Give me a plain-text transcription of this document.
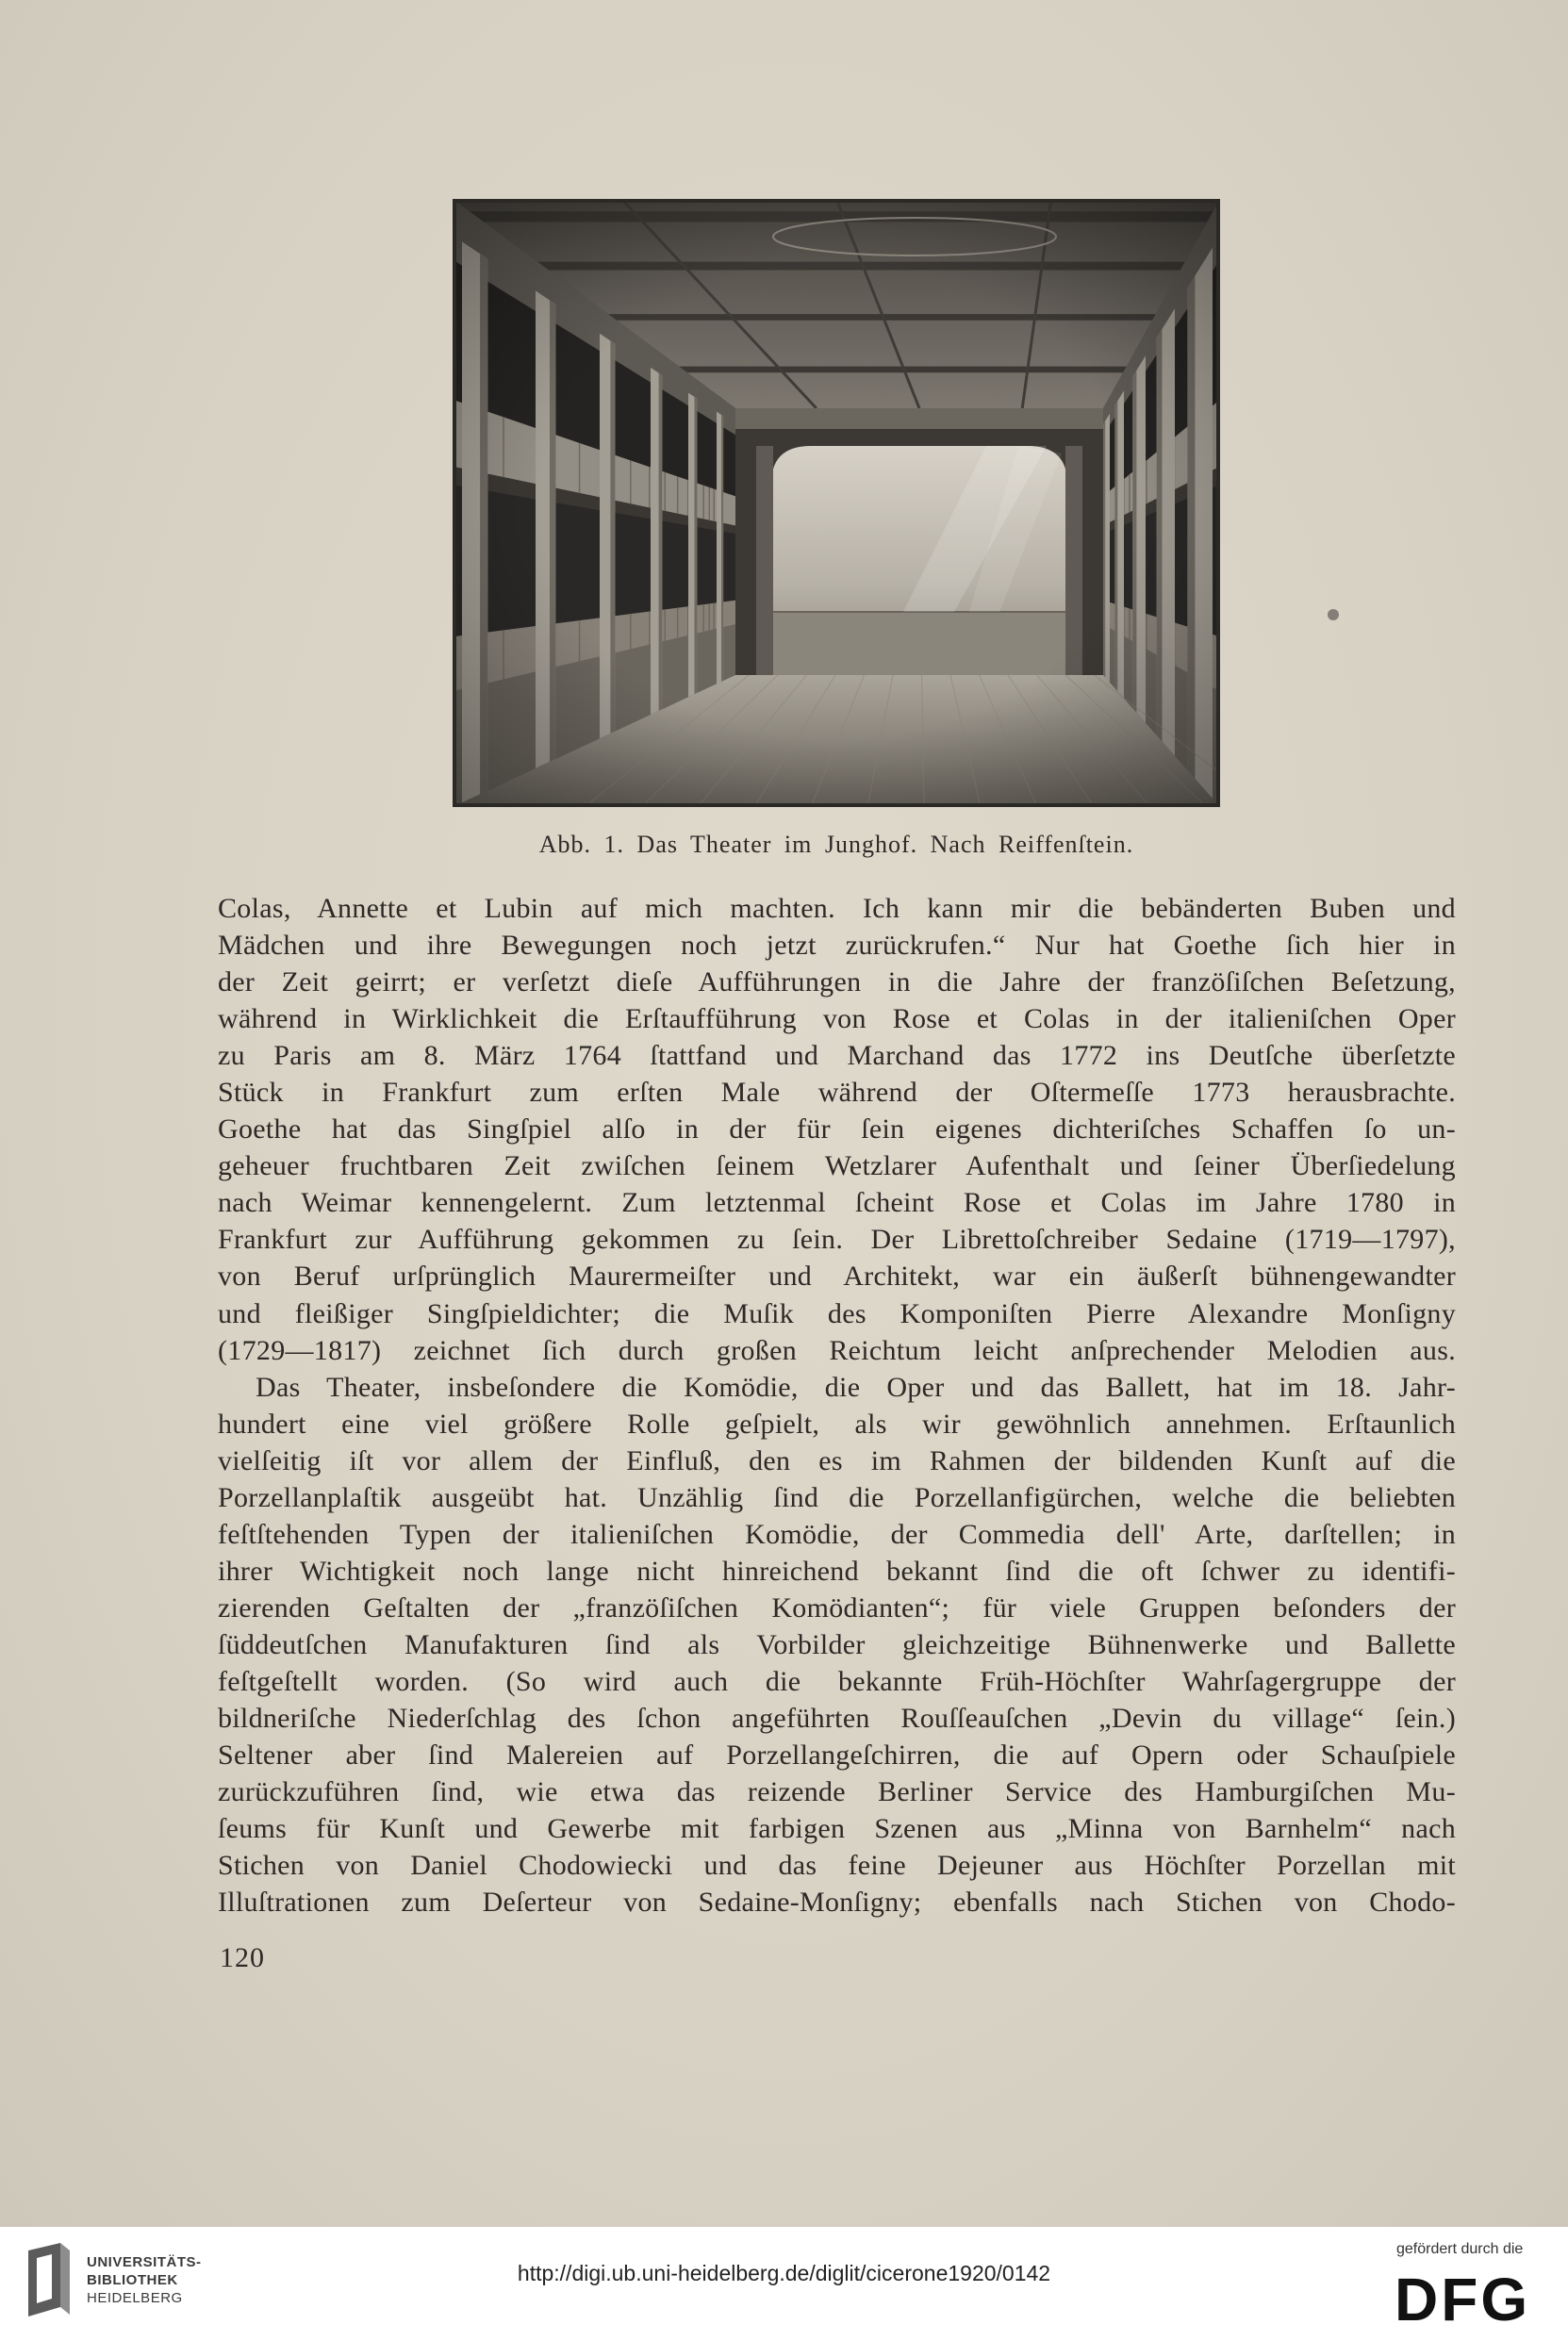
Abb. 1. Das Theater im Junghof. Nach Reiffenſtein.
Colas, Annette et Lubin auf mich machten. Ich kann mir die bebänderten Buben und
Mädchen und ihre Bewegungen noch jetzt zurückrufen.“ Nur hat Goethe ſich hier in
der Zeit geirrt; er verſetzt dieſe Aufführungen in die Jahre der franzöſiſchen Beſetzung,
während in Wirklichkeit die Erſtaufführung von Rose et Colas in der italieniſchen Oper
zu Paris am 8. März 1764 ſtattfand und Marchand das 1772 ins Deutſche überſetzte
Stück in Frankfurt zum erſten Male während der Oſtermeſſe 1773 herausbrachte.
Goethe hat das Singſpiel alſo in der für ſein eigenes dichteriſches Schaffen ſo un-
geheuer fruchtbaren Zeit zwiſchen ſeinem Wetzlarer Aufenthalt und ſeiner Überſiedelung
nach Weimar kennengelernt. Zum letztenmal ſcheint Rose et Colas im Jahre 1780 in
Frankfurt zur Aufführung gekommen zu ſein. Der Librettoſchreiber Sedaine (1719—1797),
von Beruf urſprünglich Maurermeiſter und Architekt, war ein äußerſt bühnengewandter
und fleißiger Singſpieldichter; die Muſik des Komponiſten Pierre Alexandre Monſigny
(1729—1817) zeichnet ſich durch großen Reichtum leicht anſprechender Melodien aus.
Das Theater, insbeſondere die Komödie, die Oper und das Ballett, hat im 18. Jahr-
hundert eine viel größere Rolle geſpielt, als wir gewöhnlich annehmen. Erſtaunlich
vielſeitig iſt vor allem der Einfluß, den es im Rahmen der bildenden Kunſt auf die
Porzellanplaſtik ausgeübt hat. Unzählig ſind die Porzellanfigürchen, welche die beliebten
feſtſtehenden Typen der italieniſchen Komödie, der Commedia dell' Arte, darſtellen; in
ihrer Wichtigkeit noch lange nicht hinreichend bekannt ſind die oft ſchwer zu identifi-
zierenden Geſtalten der „franzöſiſchen Komödianten“; für viele Gruppen beſonders der
ſüddeutſchen Manufakturen ſind als Vorbilder gleichzeitige Bühnenwerke und Ballette
feſtgeſtellt worden. (So wird auch die bekannte Früh-Höchſter Wahrſagergruppe der
bildneriſche Niederſchlag des ſchon angeführten Rouſſeauſchen „Devin du village“ ſein.)
Seltener aber ſind Malereien auf Porzellangeſchirren, die auf Opern oder Schauſpiele
zurückzuführen ſind, wie etwa das reizende Berliner Service des Hamburgiſchen Mu-
ſeums für Kunſt und Gewerbe mit farbigen Szenen aus „Minna von Barnhelm“ nach
Stichen von Daniel Chodowiecki und das feine Dejeuner aus Höchſter Porzellan mit
Illuſtrationen zum Deſerteur von Sedaine-Monſigny; ebenfalls nach Stichen von Chodo-
120
UNIVERSITÄTS-
BIBLIOTHEK
HEIDELBERG
http://digi.ub.uni-heidelberg.de/diglit/cicerone1920/0142
gefördert durch die
DFG
